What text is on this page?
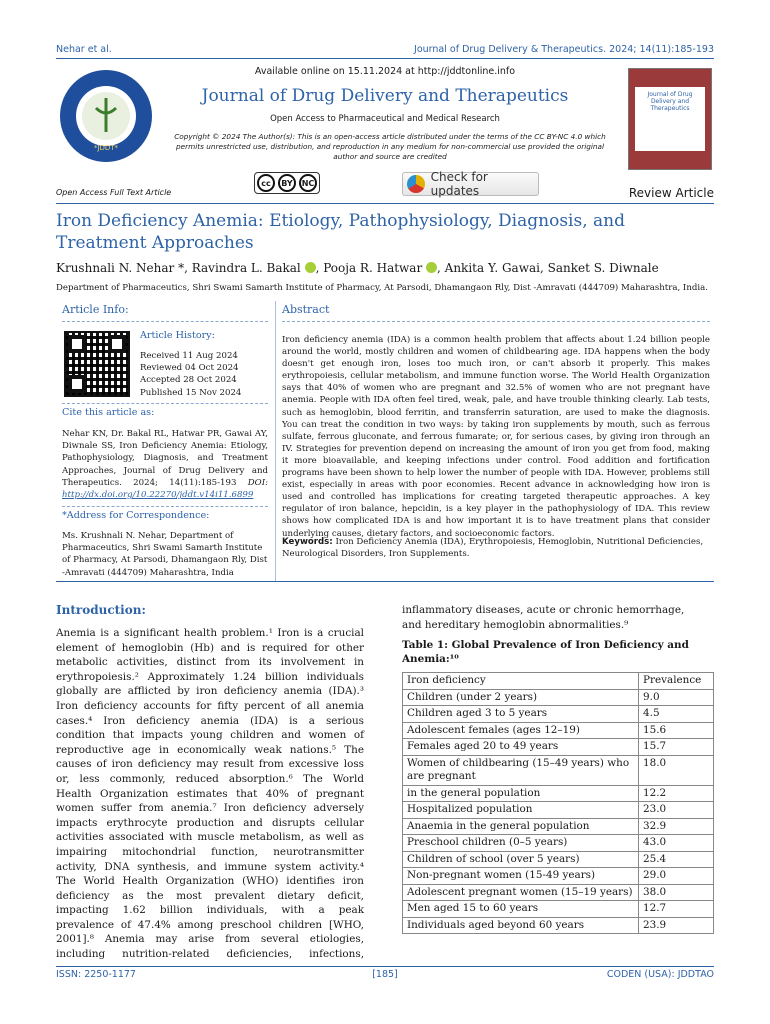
Nehar et al.	Journal of Drug Delivery & Therapeutics. 2024; 14(11):185-193
*JDDT*
Available online on 15.11.2024 at http://jddtonline.info
Journal of Drug Delivery and Therapeutics
Open Access to Pharmaceutical and Medical Research
Copyright © 2024 The Author(s): This is an open-access article distributed under the terms of the CC BY-NC 4.0 which permits unrestricted use, distribution, and reproduction in any medium for non-commercial use provided the original author and source are credited
Journal of Drug Delivery and Therapeutics
Open Access Full Text Article
cc	BY	NC	Check for updates	Review Article
Iron Deficiency Anemia: Etiology, Pathophysiology, Diagnosis, and Treatment Approaches
Krushnali N. Nehar *, Ravindra L. Bakal , Pooja R. Hatwar , Ankita Y. Gawai, Sanket S. Diwnale
Department of Pharmaceutics, Shri Swami Samarth Institute of Pharmacy, At Parsodi, Dhamangaon Rly, Dist -Amravati (444709) Maharashtra, India.
Article Info:
Article History:
Received 11 Aug 2024
Reviewed 04 Oct 2024
Accepted 28 Oct 2024
Published 15 Nov 2024
Cite this article as:
Nehar KN, Dr. Bakal RL, Hatwar PR, Gawai AY, Diwnale SS, Iron Deficiency Anemia: Etiology, Pathophysiology, Diagnosis, and Treatment Approaches, Journal of Drug Delivery and Therapeutics. 2024; 14(11):185-193 DOI: http://dx.doi.org/10.22270/jddt.v14i11.6899
*Address for Correspondence:
Ms. Krushnali N. Nehar, Department of Pharmaceutics, Shri Swami Samarth Institute of Pharmacy, At Parsodi, Dhamangaon Rly, Dist -Amravati (444709) Maharashtra, India
Abstract
Iron deficiency anemia (IDA) is a common health problem that affects about 1.24 billion people around the world, mostly children and women of childbearing age. IDA happens when the body doesn't get enough iron, loses too much iron, or can't absorb it properly. This makes erythropoiesis, cellular metabolism, and immune function worse. The World Health Organization says that 40% of women who are pregnant and 32.5% of women who are not pregnant have anemia. People with IDA often feel tired, weak, pale, and have trouble thinking clearly. Lab tests, such as hemoglobin, blood ferritin, and transferrin saturation, are used to make the diagnosis. You can treat the condition in two ways: by taking iron supplements by mouth, such as ferrous sulfate, ferrous gluconate, and ferrous fumarate; or, for serious cases, by giving iron through an IV. Strategies for prevention depend on increasing the amount of iron you get from food, making it more bioavailable, and keeping infections under control. Food addition and fortification programs have been shown to help lower the number of people with IDA. However, problems still exist, especially in areas with poor economies. Recent advance in acknowledging how iron is used and controlled has implications for creating targeted therapeutic approaches. A key regulator of iron balance, hepcidin, is a key player in the pathophysiology of IDA. This review shows how complicated IDA is and how important it is to have treatment plans that consider underlying causes, dietary factors, and socioeconomic factors.
Keywords: Iron Deficiency Anemia (IDA), Erythropoiesis, Hemoglobin, Nutritional Deficiencies, Neurological Disorders, Iron Supplements.
Introduction:
Anemia is a significant health problem.¹ Iron is a crucial
element of hemoglobin (Hb) and is required for other
metabolic activities, distinct from its involvement in
erythropoiesis.² Approximately 1.24 billion individuals
globally are afflicted by iron deficiency anemia (IDA).³
Iron deficiency accounts for fifty percent of all anemia
cases.⁴ Iron deficiency anemia (IDA) is a serious
condition that impacts young children and women of
reproductive age in economically weak nations.⁵ The
causes of iron deficiency may result from excessive loss
or, less commonly, reduced absorption.⁶ The World
Health Organization estimates that 40% of pregnant
women suffer from anemia.⁷ Iron deficiency adversely
impacts erythrocyte production and disrupts cellular
activities associated with muscle metabolism, as well as
impairing mitochondrial function, neurotransmitter
activity, DNA synthesis, and immune system activity.⁴
The World Health Organization (WHO) identifies iron
deficiency as the most prevalent dietary deficit,
impacting 1.62 billion individuals, with a peak
prevalence of 47.4% among preschool children [WHO,
2001].⁸ Anemia may arise from several etiologies,
including nutrition-related deficiencies, infections,
inflammatory diseases, acute or chronic hemorrhage,
and hereditary hemoglobin abnormalities.⁹
Table 1: Global Prevalence of Iron Deficiency and
Anemia:¹⁰
Iron deficiency	Prevalence
Children (under 2 years)	9.0
Children aged 3 to 5 years	4.5
Adolescent females (ages 12–19)	15.6
Females aged 20 to 49 years	15.7
Women of childbearing (15–49 years) who are pregnant	18.0
in the general population	12.2
Hospitalized population	23.0
Anaemia in the general population	32.9
Preschool children (0–5 years)	43.0
Children of school (over 5 years)	25.4
Non-pregnant women (15-49 years)	29.0
Adolescent pregnant women (15–19 years)	38.0
Men aged 15 to 60 years	12.7
Individuals aged beyond 60 years	23.9
ISSN: 2250-1177	[185]	CODEN (USA): JDDTAO
